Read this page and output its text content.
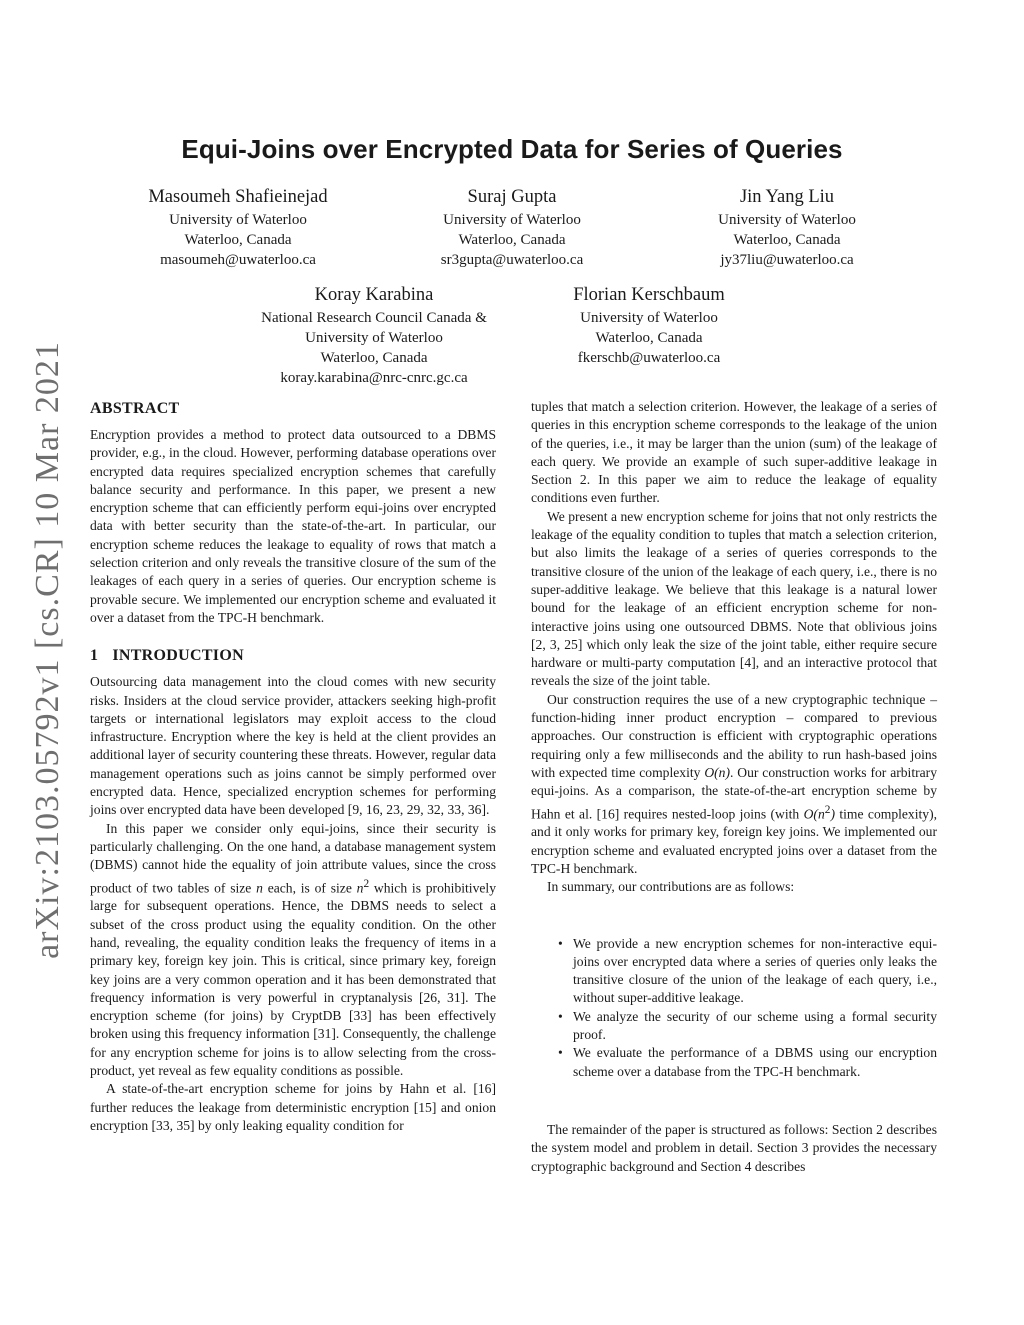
Equi-Joins over Encrypted Data for Series of Queries
arXiv:2103.05792v1 [cs.CR] 10 Mar 2021
Masoumeh Shafieinejad
University of Waterloo
Waterloo, Canada
masoumeh@uwaterloo.ca
Suraj Gupta
University of Waterloo
Waterloo, Canada
sr3gupta@uwaterloo.ca
Jin Yang Liu
University of Waterloo
Waterloo, Canada
jy37liu@uwaterloo.ca
Koray Karabina
National Research Council Canada &
University of Waterloo
Waterloo, Canada
koray.karabina@nrc-cnrc.gc.ca
Florian Kerschbaum
University of Waterloo
Waterloo, Canada
fkerschb@uwaterloo.ca
ABSTRACT

Encryption provides a method to protect data outsourced to a DBMS provider, e.g., in the cloud. However, performing database operations over encrypted data requires specialized encryption schemes that carefully balance security and performance. In this paper, we present a new encryption scheme that can efficiently perform equi-joins over encrypted data with better security than the state-of-the-art. In particular, our encryption scheme reduces the leakage to equality of rows that match a selection criterion and only reveals the transitive closure of the sum of the leakages of each query in a series of queries. Our encryption scheme is provable secure. We implemented our encryption scheme and evaluated it over a dataset from the TPC-H benchmark.

1 INTRODUCTION

Outsourcing data management into the cloud comes with new security risks. Insiders at the cloud service provider, attackers seeking high-profit targets or international legislators may exploit access to the cloud infrastructure. Encryption where the key is held at the client provides an additional layer of security countering these threats. However, regular data management operations such as joins cannot be simply performed over encrypted data. Hence, specialized encryption schemes for performing joins over encrypted data have been developed [9, 16, 23, 29, 32, 33, 36].

In this paper we consider only equi-joins, since their security is particularly challenging. On the one hand, a database management system (DBMS) cannot hide the equality of join attribute values, since the cross product of two tables of size n each, is of size $n^2$ which is prohibitively large for subsequent operations. Hence, the DBMS needs to select a subset of the cross product using the equality condition. On the other hand, revealing, the equality condition leaks the frequency of items in a primary key, foreign key join. This is critical, since primary key, foreign key joins are a very common operation and it has been demonstrated that frequency information is very powerful in cryptanalysis [26, 31]. The encryption scheme (for joins) by CryptDB [33] has been effectively broken using this frequency information [31]. Consequently, the challenge for any encryption scheme for joins is to allow selecting from the cross-product, yet reveal as few equality conditions as possible.

A state-of-the-art encryption scheme for joins by Hahn et al. [16] further reduces the leakage from deterministic encryption [15] and onion encryption [33, 35] by only leaking equality condition for

tuples that match a selection criterion. However, the leakage of a series of queries in this encryption scheme corresponds to the leakage of the union of the queries, i.e., it may be larger than the union (sum) of the leakage of each query. We provide an example of such super-additive leakage in Section 2. In this paper we aim to reduce the leakage of equality conditions even further.

We present a new encryption scheme for joins that not only restricts the leakage of the equality condition to tuples that match a selection criterion, but also limits the leakage of a series of queries corresponds to the transitive closure of the union of the leakage of each query, i.e., there is no super-additive leakage. We believe that this leakage is a natural lower bound for the leakage of an efficient encryption scheme for non-interactive joins using one outsourced DBMS. Note that oblivious joins [2, 3, 25] which only leak the size of the joint table, either require secure hardware or multi-party computation [4], and an interactive protocol that reveals the size of the joint table.

Our construction requires the use of a new cryptographic technique – function-hiding inner product encryption – compared to previous approaches. Our construction is efficient with cryptographic operations requiring only a few milliseconds and the ability to run hash-based joins with expected time complexity O(n). Our construction works for arbitrary equi-joins. As a comparison, the state-of-the-art encryption scheme by Hahn et al. [16] requires nested-loop joins (with $O(n^2)$ time complexity), and it only works for primary key, foreign key joins. We implemented our encryption scheme and evaluated encrypted joins over a dataset from the TPC-H benchmark.

In summary, our contributions are as follows:

• We provide a new encryption schemes for non-interactive equi-joins over encrypted data where a series of queries only leaks the transitive closure of the union of the leakage of each query, i.e., without super-additive leakage.
• We analyze the security of our scheme using a formal security proof.
• We evaluate the performance of a DBMS using our encryption scheme over a database from the TPC-H benchmark.

The remainder of the paper is structured as follows: Section 2 describes the system model and problem in detail. Section 3 provides the necessary cryptographic background and Section 4 describes
